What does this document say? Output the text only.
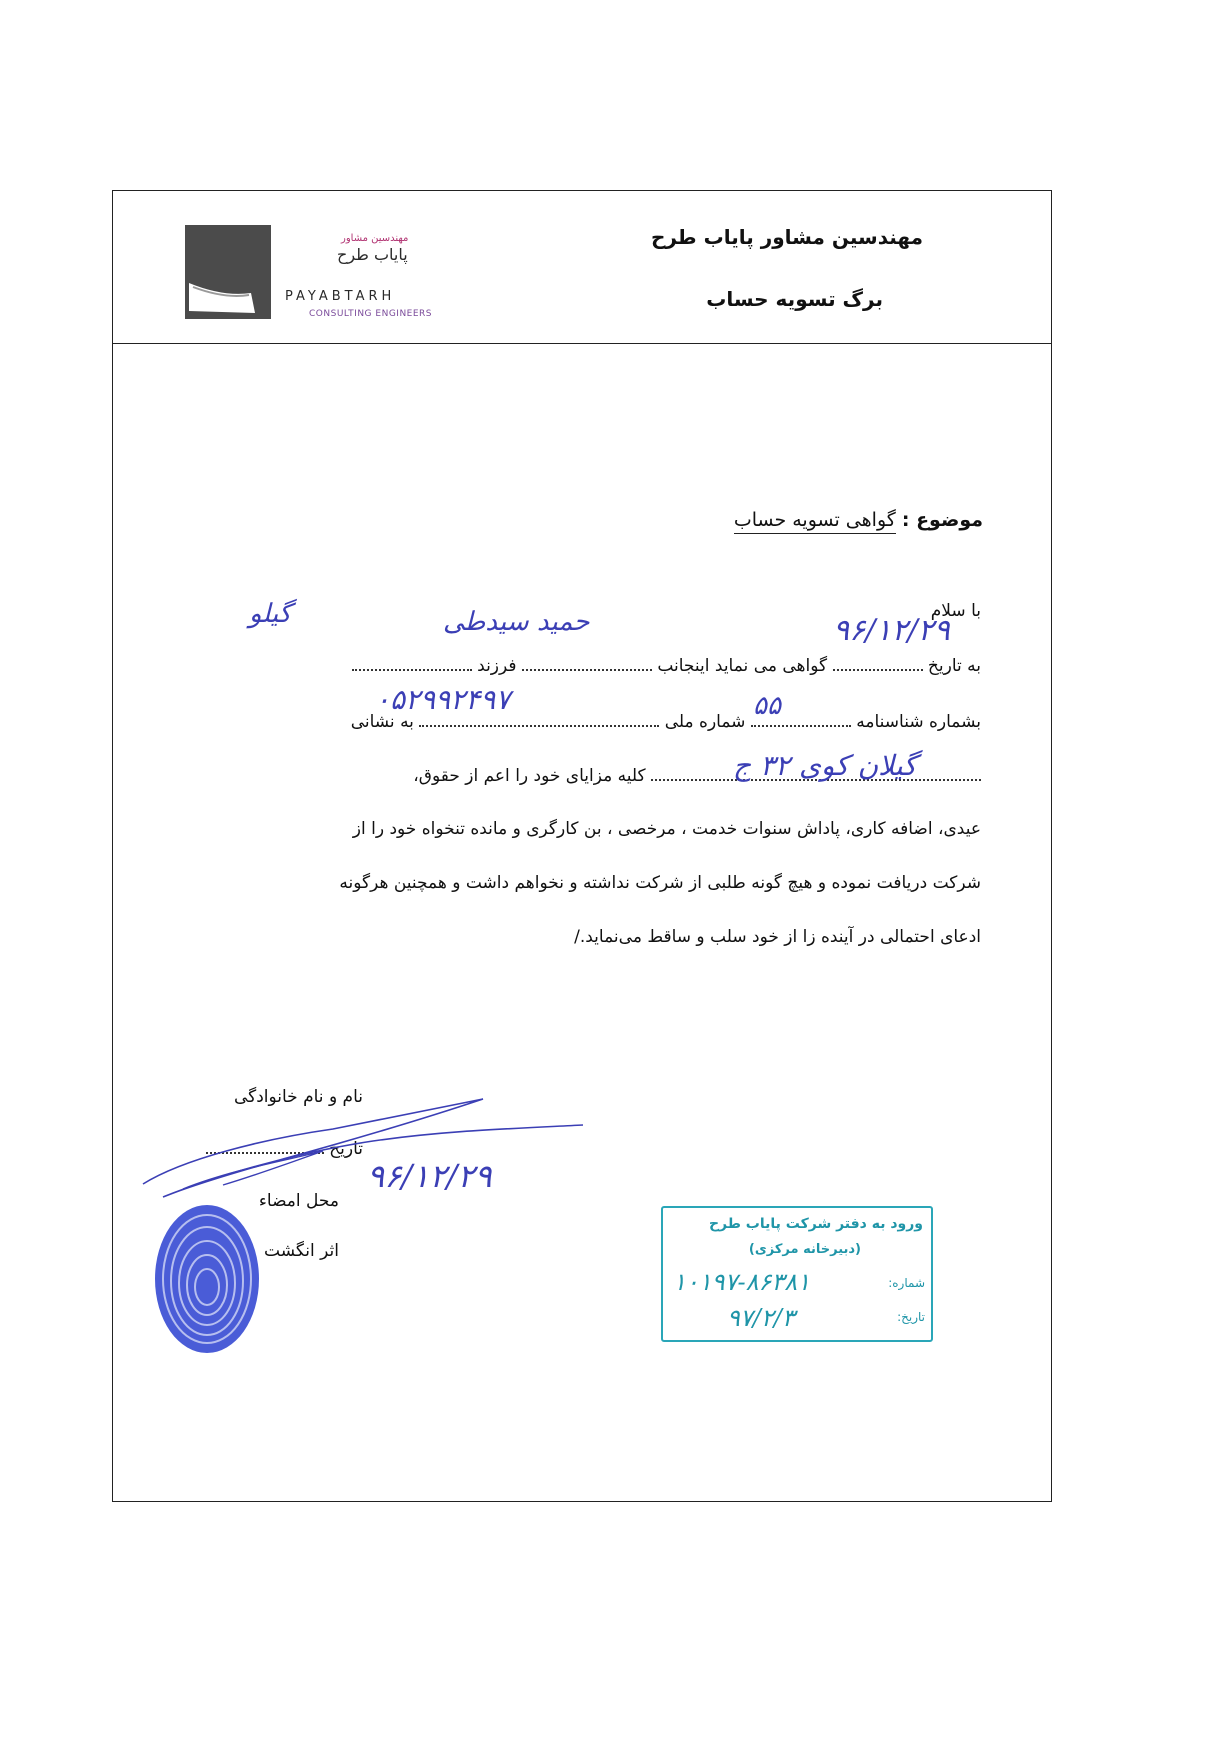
مهندسین مشاور پایاب طرح
برگ تسویه حساب
مهندسین مشاور
پایاب طرح
PAYABTARH
CONSULTING ENGINEERS
موضوع : گواهی تسویه حساب
با سلام
به تاریخ  گواهی می نماید اینجانب  فرزند
بشماره شناسنامه  شماره ملی  به نشانی
کلیه مزایای خود را اعم از حقوق،
عیدی، اضافه کاری، پاداش سنوات خدمت ، مرخصی ، بن کارگری و مانده تنخواه خود را از
شرکت دریافت نموده و هیچ گونه طلبی از شرکت نداشته و نخواهم داشت و همچنین هرگونه
ادعای احتمالی در آینده زا از خود سلب و ساقط می‌نماید./
۹۶/۱۲/۲۹
حمید سیدطی
گیلو
۵۵
۰۵۲۹۹۲۴۹۷
گیلان کوی ۳۲ ج
نام و نام خانوادگی
تاریخ
محل امضاء
اثر انگشت
۹۶/۱۲/۲۹
ورود به دفتر شرکت پایاب طرح
(دبیرخانه مرکزی)
شماره:
تاریخ:
۱۰۱۹۷-۸۶۳۸۱
۹۷/۲/۳
